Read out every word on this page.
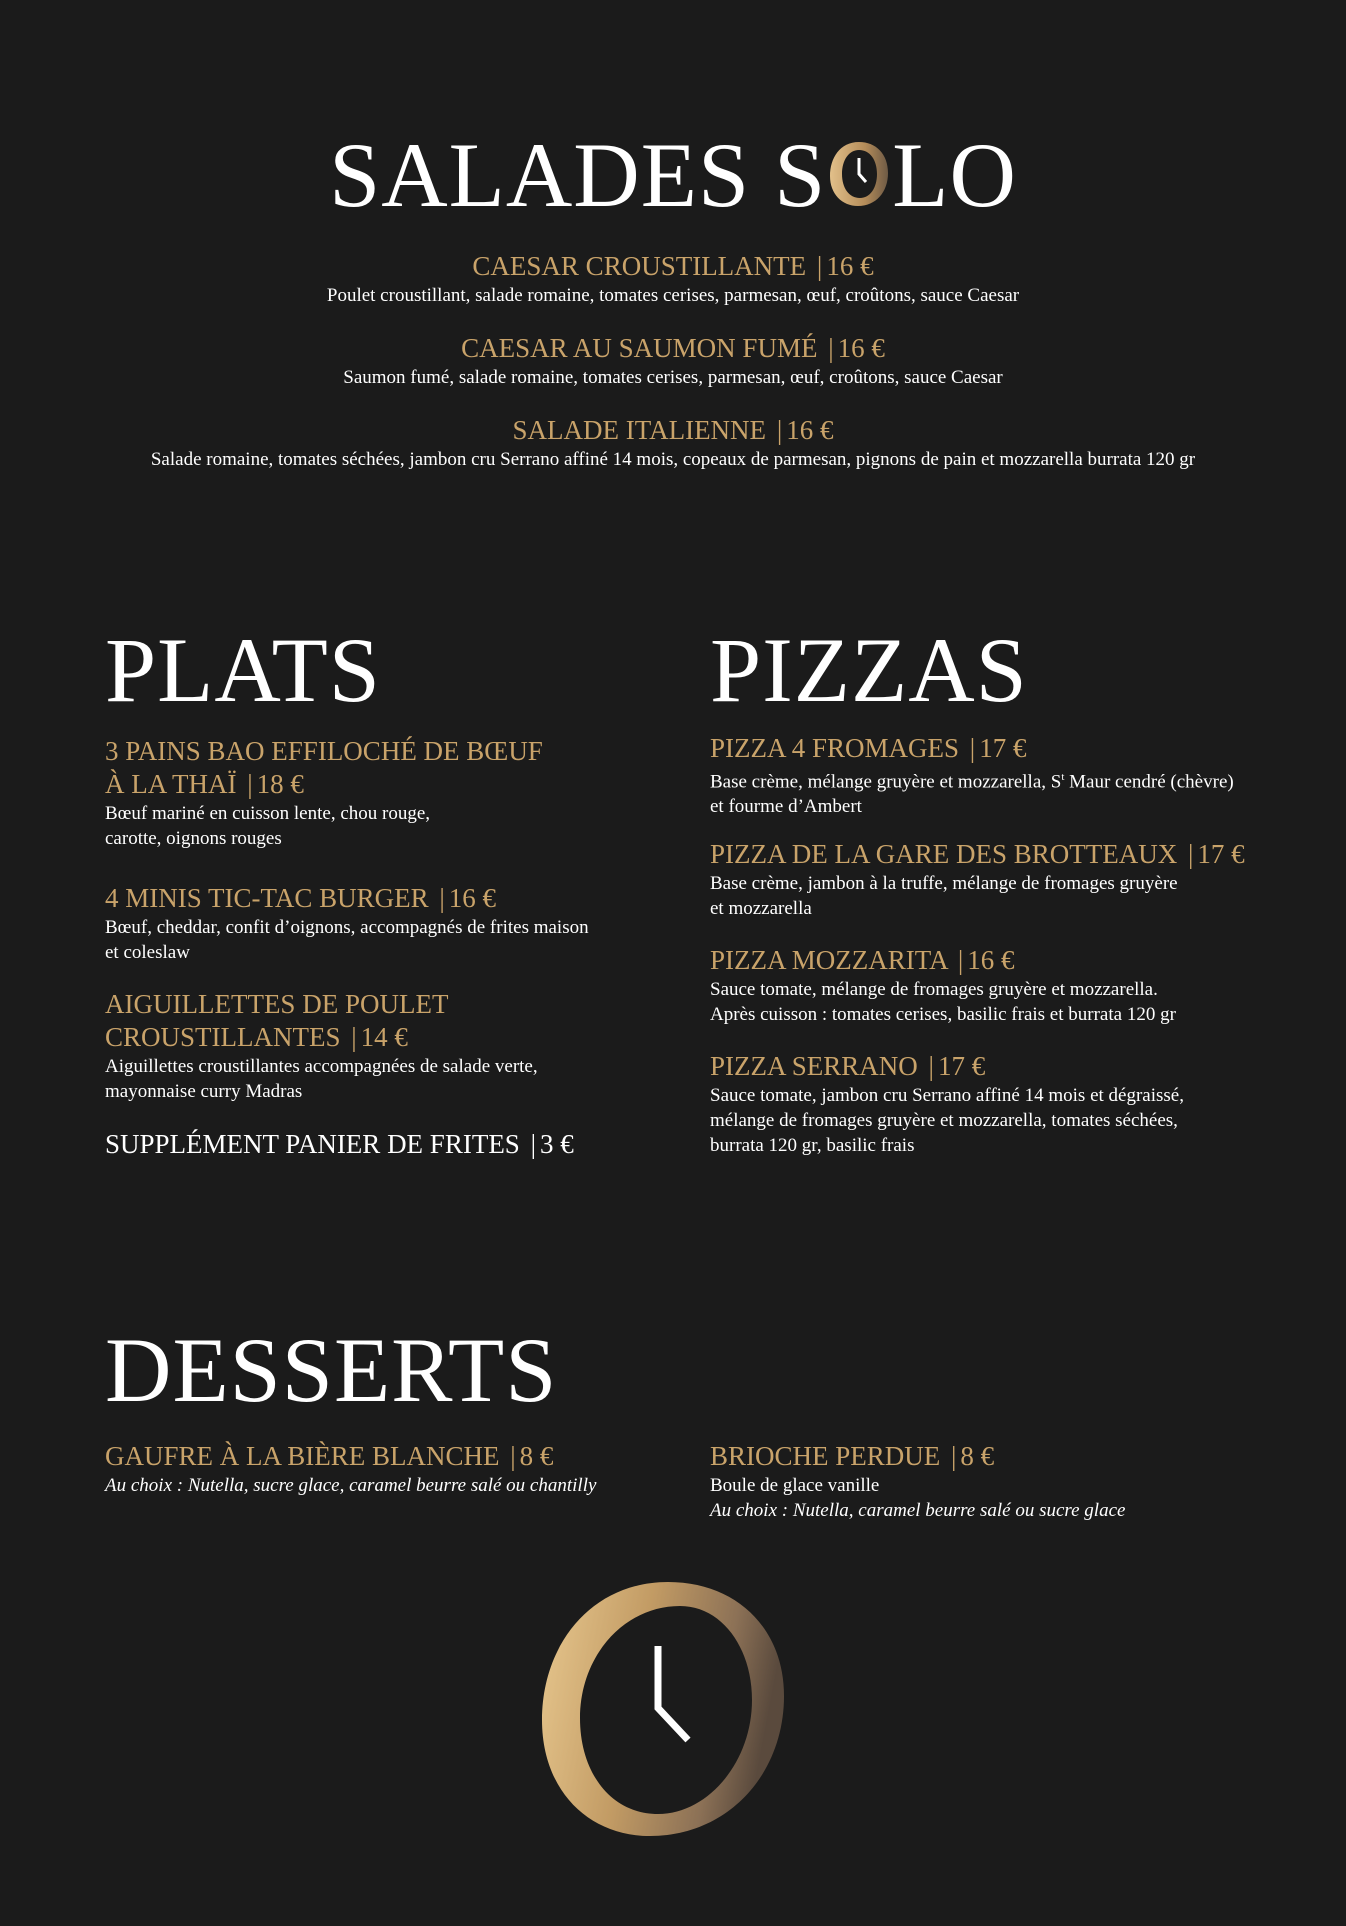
SALADES S LO
CAESAR CROUSTILLANTE | 16 €
Poulet croustillant, salade romaine, tomates cerises, parmesan, œuf, croûtons, sauce Caesar
CAESAR AU SAUMON FUMÉ | 16 €
Saumon fumé, salade romaine, tomates cerises, parmesan, œuf, croûtons, sauce Caesar
SALADE ITALIENNE | 16 €
Salade romaine, tomates séchées, jambon cru Serrano affiné 14 mois, copeaux de parmesan, pignons de pain et mozzarella burrata 120 gr
PLATS
3 PAINS BAO EFFILOCHÉ DE BŒUF
À LA THAÏ | 18 €
Bœuf mariné en cuisson lente, chou rouge,
carotte, oignons rouges
4 MINIS TIC-TAC BURGER | 16 €
Bœuf, cheddar, confit d’oignons, accompagnés de frites maison
et coleslaw
AIGUILLETTES DE POULET
CROUSTILLANTES | 14 €
Aiguillettes croustillantes accompagnées de salade verte,
mayonnaise curry Madras
SUPPLÉMENT PANIER DE FRITES | 3 €
PIZZAS
PIZZA 4 FROMAGES | 17 €
Base crème, mélange gruyère et mozzarella, $S^t$ Maur cendré (chèvre)
et fourme d’Ambert
PIZZA DE LA GARE DES BROTTEAUX | 17 €
Base crème, jambon à la truffe, mélange de fromages gruyère
et mozzarella
PIZZA MOZZARITA | 16 €
Sauce tomate, mélange de fromages gruyère et mozzarella.
Après cuisson : tomates cerises, basilic frais et burrata 120 gr
PIZZA SERRANO | 17 €
Sauce tomate, jambon cru Serrano affiné 14 mois et dégraissé,
mélange de fromages gruyère et mozzarella, tomates séchées,
burrata 120 gr, basilic frais
DESSERTS
GAUFRE À LA BIÈRE BLANCHE | 8 €
Au choix : Nutella, sucre glace, caramel beurre salé ou chantilly
BRIOCHE PERDUE | 8 €
Boule de glace vanille
Au choix : Nutella, caramel beurre salé ou sucre glace
